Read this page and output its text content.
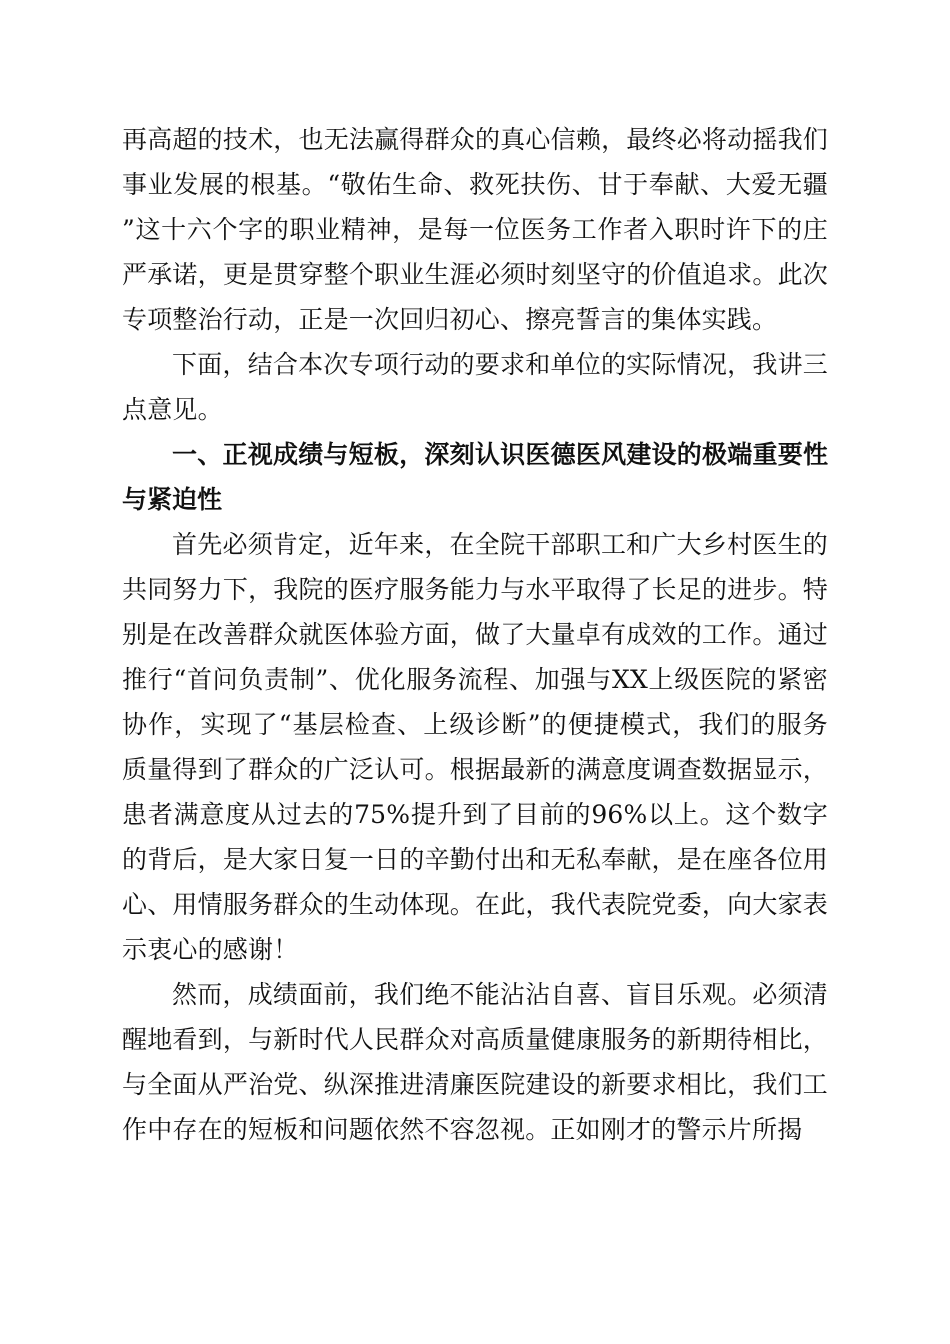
再高超的技术，也无法赢得群众的真心信赖，最终必将动摇我们事业发展的根基。“敬佑生命、救死扶伤、甘于奉献、大爱无疆”这十六个字的职业精神，是每一位医务工作者入职时许下的庄严承诺，更是贯穿整个职业生涯必须时刻坚守的价值追求。此次专项整治行动，正是一次回归初心、擦亮誓言的集体实践。

下面，结合本次专项行动的要求和单位的实际情况，我讲三点意见。

一、正视成绩与短板，深刻认识医德医风建设的极端重要性与紧迫性

首先必须肯定，近年来，在全院干部职工和广大乡村医生的共同努力下，我院的医疗服务能力与水平取得了长足的进步。特别是在改善群众就医体验方面，做了大量卓有成效的工作。通过推行“首问负责制”、优化服务流程、加强与XX上级医院的紧密协作，实现了“基层检查、上级诊断”的便捷模式，我们的服务质量得到了群众的广泛认可。根据最新的满意度调查数据显示，患者满意度从过去的75%提升到了目前的96%以上。这个数字的背后，是大家日复一日的辛勤付出和无私奉献，是在座各位用心、用情服务群众的生动体现。在此，我代表院党委，向大家表示衷心的感谢！

然而，成绩面前，我们绝不能沾沾自喜、盲目乐观。必须清醒地看到，与新时代人民群众对高质量健康服务的新期待相比，与全面从严治党、纵深推进清廉医院建设的新要求相比，我们工作中存在的短板和问题依然不容忽视。正如刚才的警示片所揭
